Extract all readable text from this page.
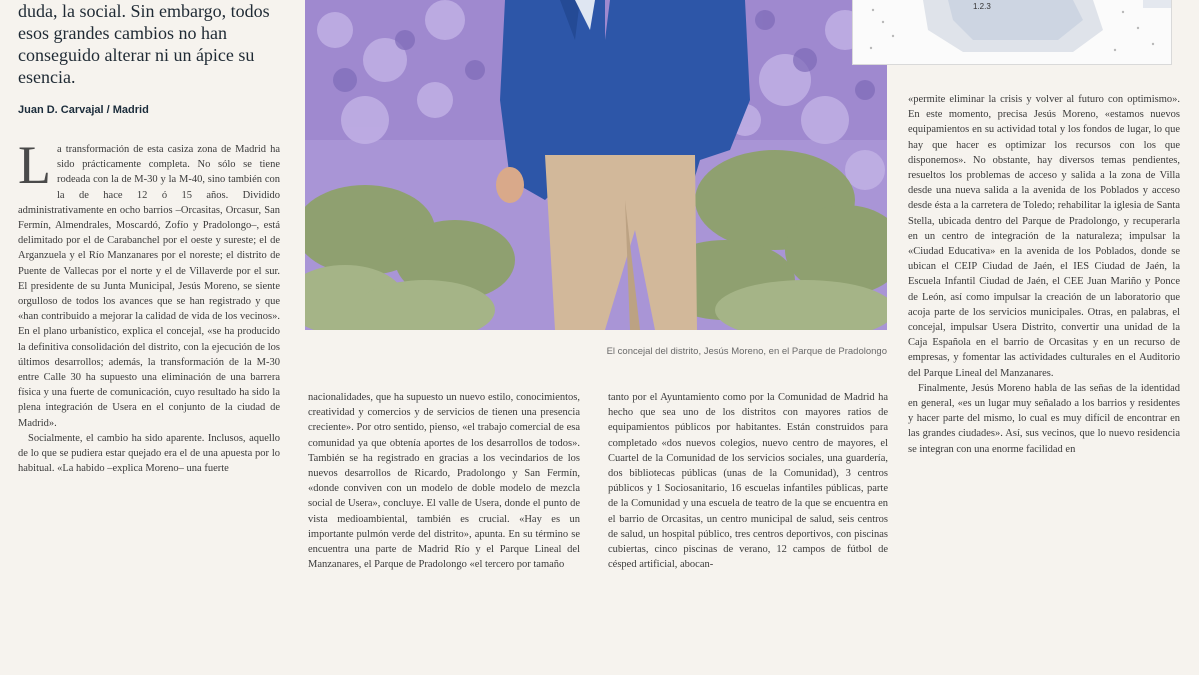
duda, la social. Sin embargo, todos esos grandes cambios no han conseguido alterar ni un ápice su esencia.
Juan D. Carvajal / Madrid
L a transformación de esta casiza zona de Madrid ha sido prácticamente completa. No sólo se tiene rodeada con la de M-30 y la M-40, sino también con la de hace 12 ó 15 años. Dividido administrativamente en ocho barrios –Orcasitas, Orcasur, San Fermín, Almendrales, Moscardó, Zofío y Pradolongo–, está delimitado por el de Carabanchel por el oeste y sureste; el de Arganzuela y el Río Manzanares por el noreste; el distrito de Puente de Vallecas por el norte y el de Villaverde por el sur. El presidente de su Junta Municipal, Jesús Moreno, se siente orgulloso de todos los avances que se han registrado y que «han contribuido a mejorar la calidad de vida de los vecinos». En el plano urbanístico, explica el concejal, «se ha producido la definitiva consolidación del distrito, con la ejecución de los últimos desarrollos; además, la transformación de la M-30 entre Calle 30 ha supuesto una eliminación de una barrera física y una fuerte de comunicación, cuyo resultado ha sido la plena integración de Usera en el conjunto de la ciudad de Madrid».

Socialmente, el cambio ha sido aparente. Inclusos, aquello de lo que se pudiera estar quejado era el de una apuesta por lo habitual. «La habido –explica Moreno– una fuerte

El concejal del distrito, Jesús Moreno, en el Parque de Pradolongo
1.2.3

nacionalidades, que ha supuesto un nuevo estilo, conocimientos, creatividad y comercios y de servicios de tienen una presencia creciente». Por otro sentido, pienso, «el trabajo comercial de esa comunidad ya que obtenía aportes de los desarrollos de todos». También se ha registrado en gracias a los vecindarios de los nuevos desarrollos de Ricardo, Pradolongo y San Fermín, «donde conviven con un modelo de doble modelo de mezcla social de Usera», concluye. El valle de Usera, donde el punto de vista medioambiental, también es crucial. «Hay es un importante pulmón verde del distrito», apunta. En su término se encuentra una parte de Madrid Río y el Parque Lineal del Manzanares, el Parque de Pradolongo «el tercero por tamaño

tanto por el Ayuntamiento como por la Comunidad de Madrid ha hecho que sea uno de los distritos con mayores ratios de equipamientos públicos por habitantes. Están construidos para completado «dos nuevos colegios, nuevo centro de mayores, el Cuartel de la Comunidad de los servicios sociales, una guardería, dos bibliotecas públicas (unas de la Comunidad), 3 centros públicos y 1 Sociosanitario, 16 escuelas infantiles públicas, parte de la Comunidad y una escuela de teatro de la que se encuentra en el barrio de Orcasitas, un centro municipal de salud, seis centros de salud, un hospital público, tres centros deportivos, con piscinas cubiertas, cinco piscinas de verano, 12 campos de fútbol de césped artificial, abocan-

«permite eliminar la crisis y volver al futuro con optimismo». En este momento, precisa Jesús Moreno, «estamos nuevos equipamientos en su actividad total y los fondos de lugar, lo que hay que hacer es optimizar los recursos con los que disponemos». No obstante, hay diversos temas pendientes, resueltos los problemas de acceso y salida a la zona de Villa desde una nueva salida a la avenida de los Poblados y acceso desde ésta a la carretera de Toledo; rehabilitar la iglesia de Santa Stella, ubicada dentro del Parque de Pradolongo, y recuperarla en un centro de integración de la naturaleza; impulsar la «Ciudad Educativa» en la avenida de los Poblados, donde se ubican el CEIP Ciudad de Jaén, el IES Ciudad de Jaén, la Escuela Infantil Ciudad de Jaén, el CEE Juan Mariño y Ponce de León, así como impulsar la creación de un laboratorio que acoja parte de los servicios municipales. Otras, en palabras, el concejal, impulsar Usera Distrito, convertir una unidad de la Caja Española en el barrio de Orcasitas y en un recurso de empresas, y fomentar las actividades culturales en el Auditorio del Parque Lineal del Manzanares.

Finalmente, Jesús Moreno habla de las señas de la identidad en general, «es un lugar muy señalado a los barrios y residentes y hacer parte del mismo, lo cual es muy difícil de encontrar en las grandes ciudades». Así, sus vecinos, que lo nuevo residencia se integran con una enorme facilidad en
